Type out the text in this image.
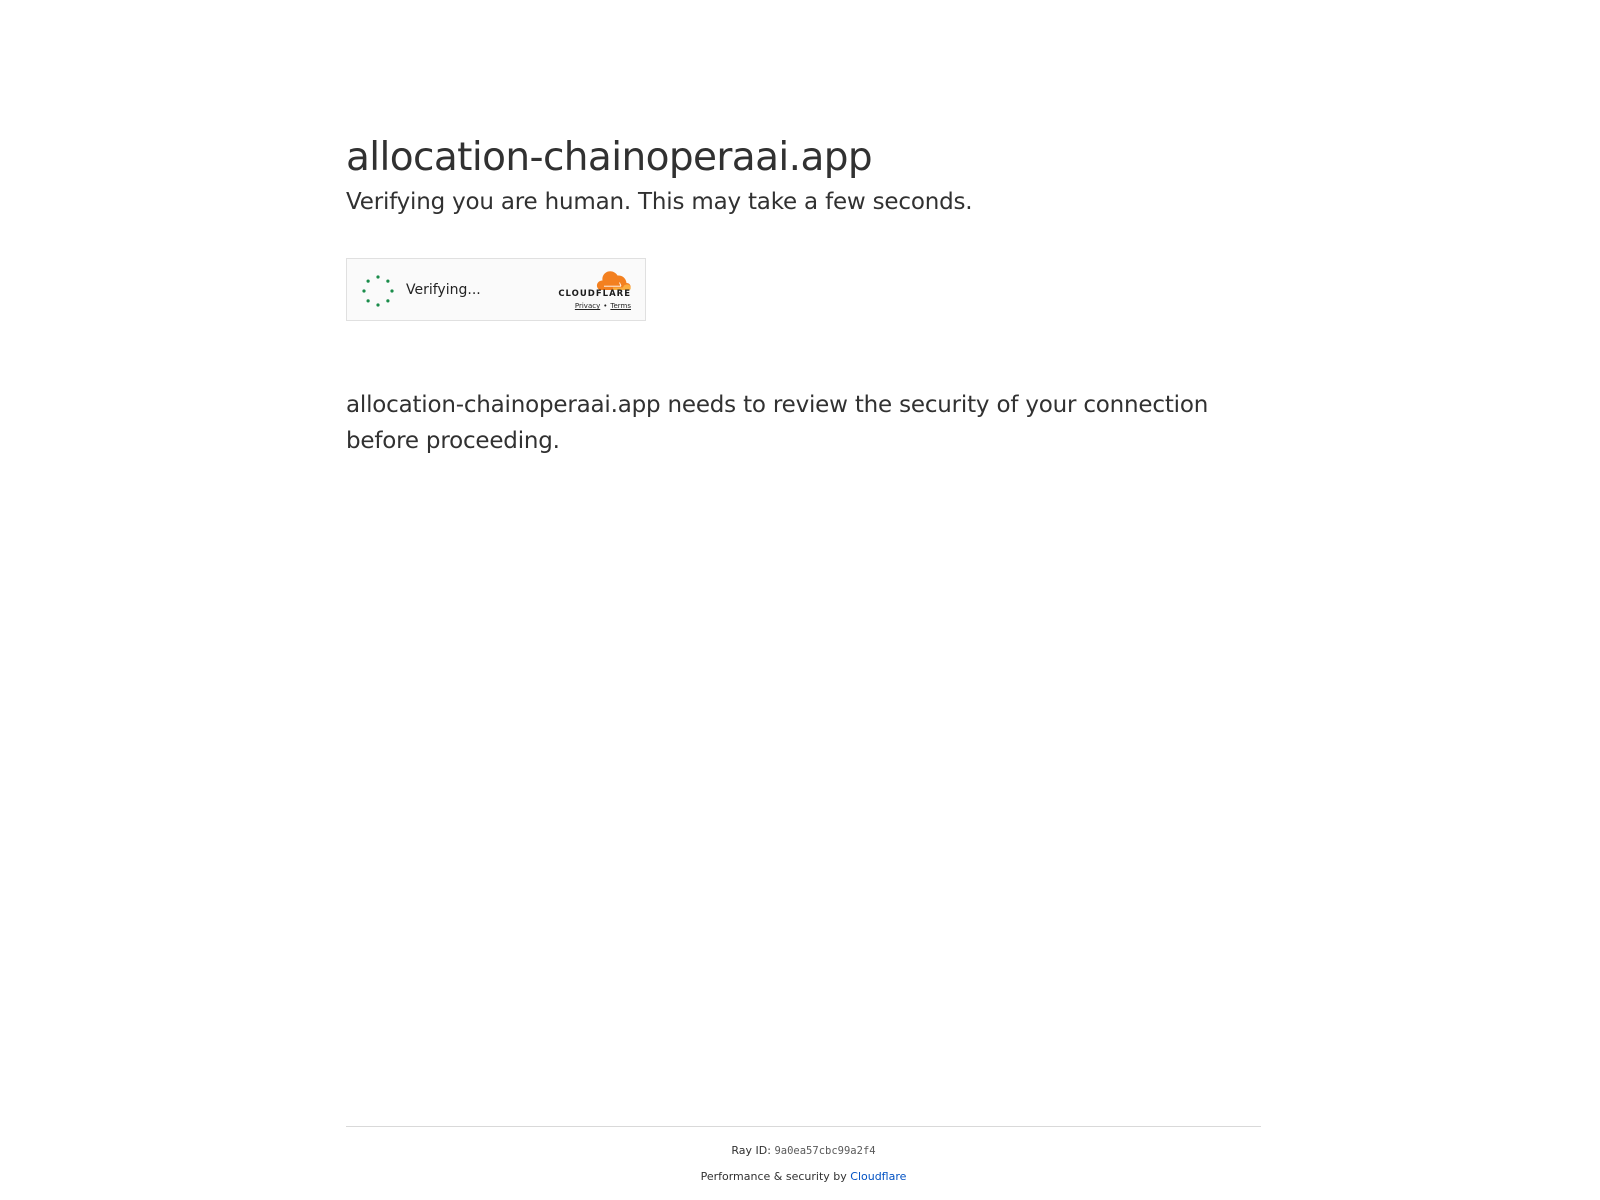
allocation-chainoperaai.app

Verifying you are human. This may take a few seconds.

Verifying...	CLOUDFLARE
Privacy • Terms

allocation-chainoperaai.app needs to review the security of your connection before proceeding.

Ray ID: 9a0ea57cbc99a2f4
Performance & security by Cloudflare
